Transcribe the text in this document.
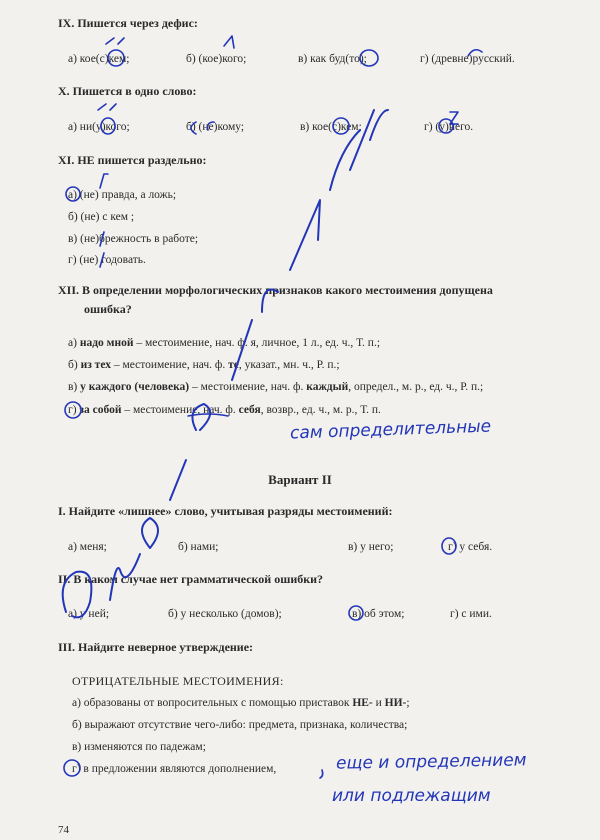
IX. Пишется через дефис:
а) кое(с)кем;	б) (кое)кого;	в) как буд(то);	г) (древне)русский.
X. Пишется в одно слово:
а) ни(у)кого;	б) (не)кому;	в) кое(с)кем;	г) (у)него.
XI. НЕ пишется раздельно:
а) (не) правда, а ложь;
б) (не) с кем ;
в) (не)брежность в работе;
г) (не) годовать.
XII. В определении морфологических признаков какого местоимения допущена
ошибка?
а) надо мной – местоимение, нач. ф. я, личное, 1 л., ед. ч., Т. п.;
б) из тех – местоимение, нач. ф. те, указат., мн. ч., Р. п.;
в) у каждого (человека) – местоимение, нач. ф. каждый, определ., м. р., ед. ч., Р. п.;
г) за собой – местоимение, нач. ф. себя, возвр., ед. ч., м. р., Т. п.
Вариант II
I. Найдите «лишнее» слово, учитывая разряды местоимений:
а) меня;	б) нами;	в) у него;	г) у себя.
II. В каком случае нет грамматической ошибки?
а) у ней;	б) у несколько (домов);	в) об этом;	г) с ими.
III. Найдите неверное утверждение:
ОТРИЦАТЕЛЬНЫЕ МЕСТОИМЕНИЯ:
а) образованы от вопросительных с помощью приставок НЕ- и НИ-;
б) выражают отсутствие чего-либо: предмета, признака, количества;
в) изменяются по падежам;
г) в предложении являются дополнением,
74
сам определительные
еще и определением
или подлежащим
